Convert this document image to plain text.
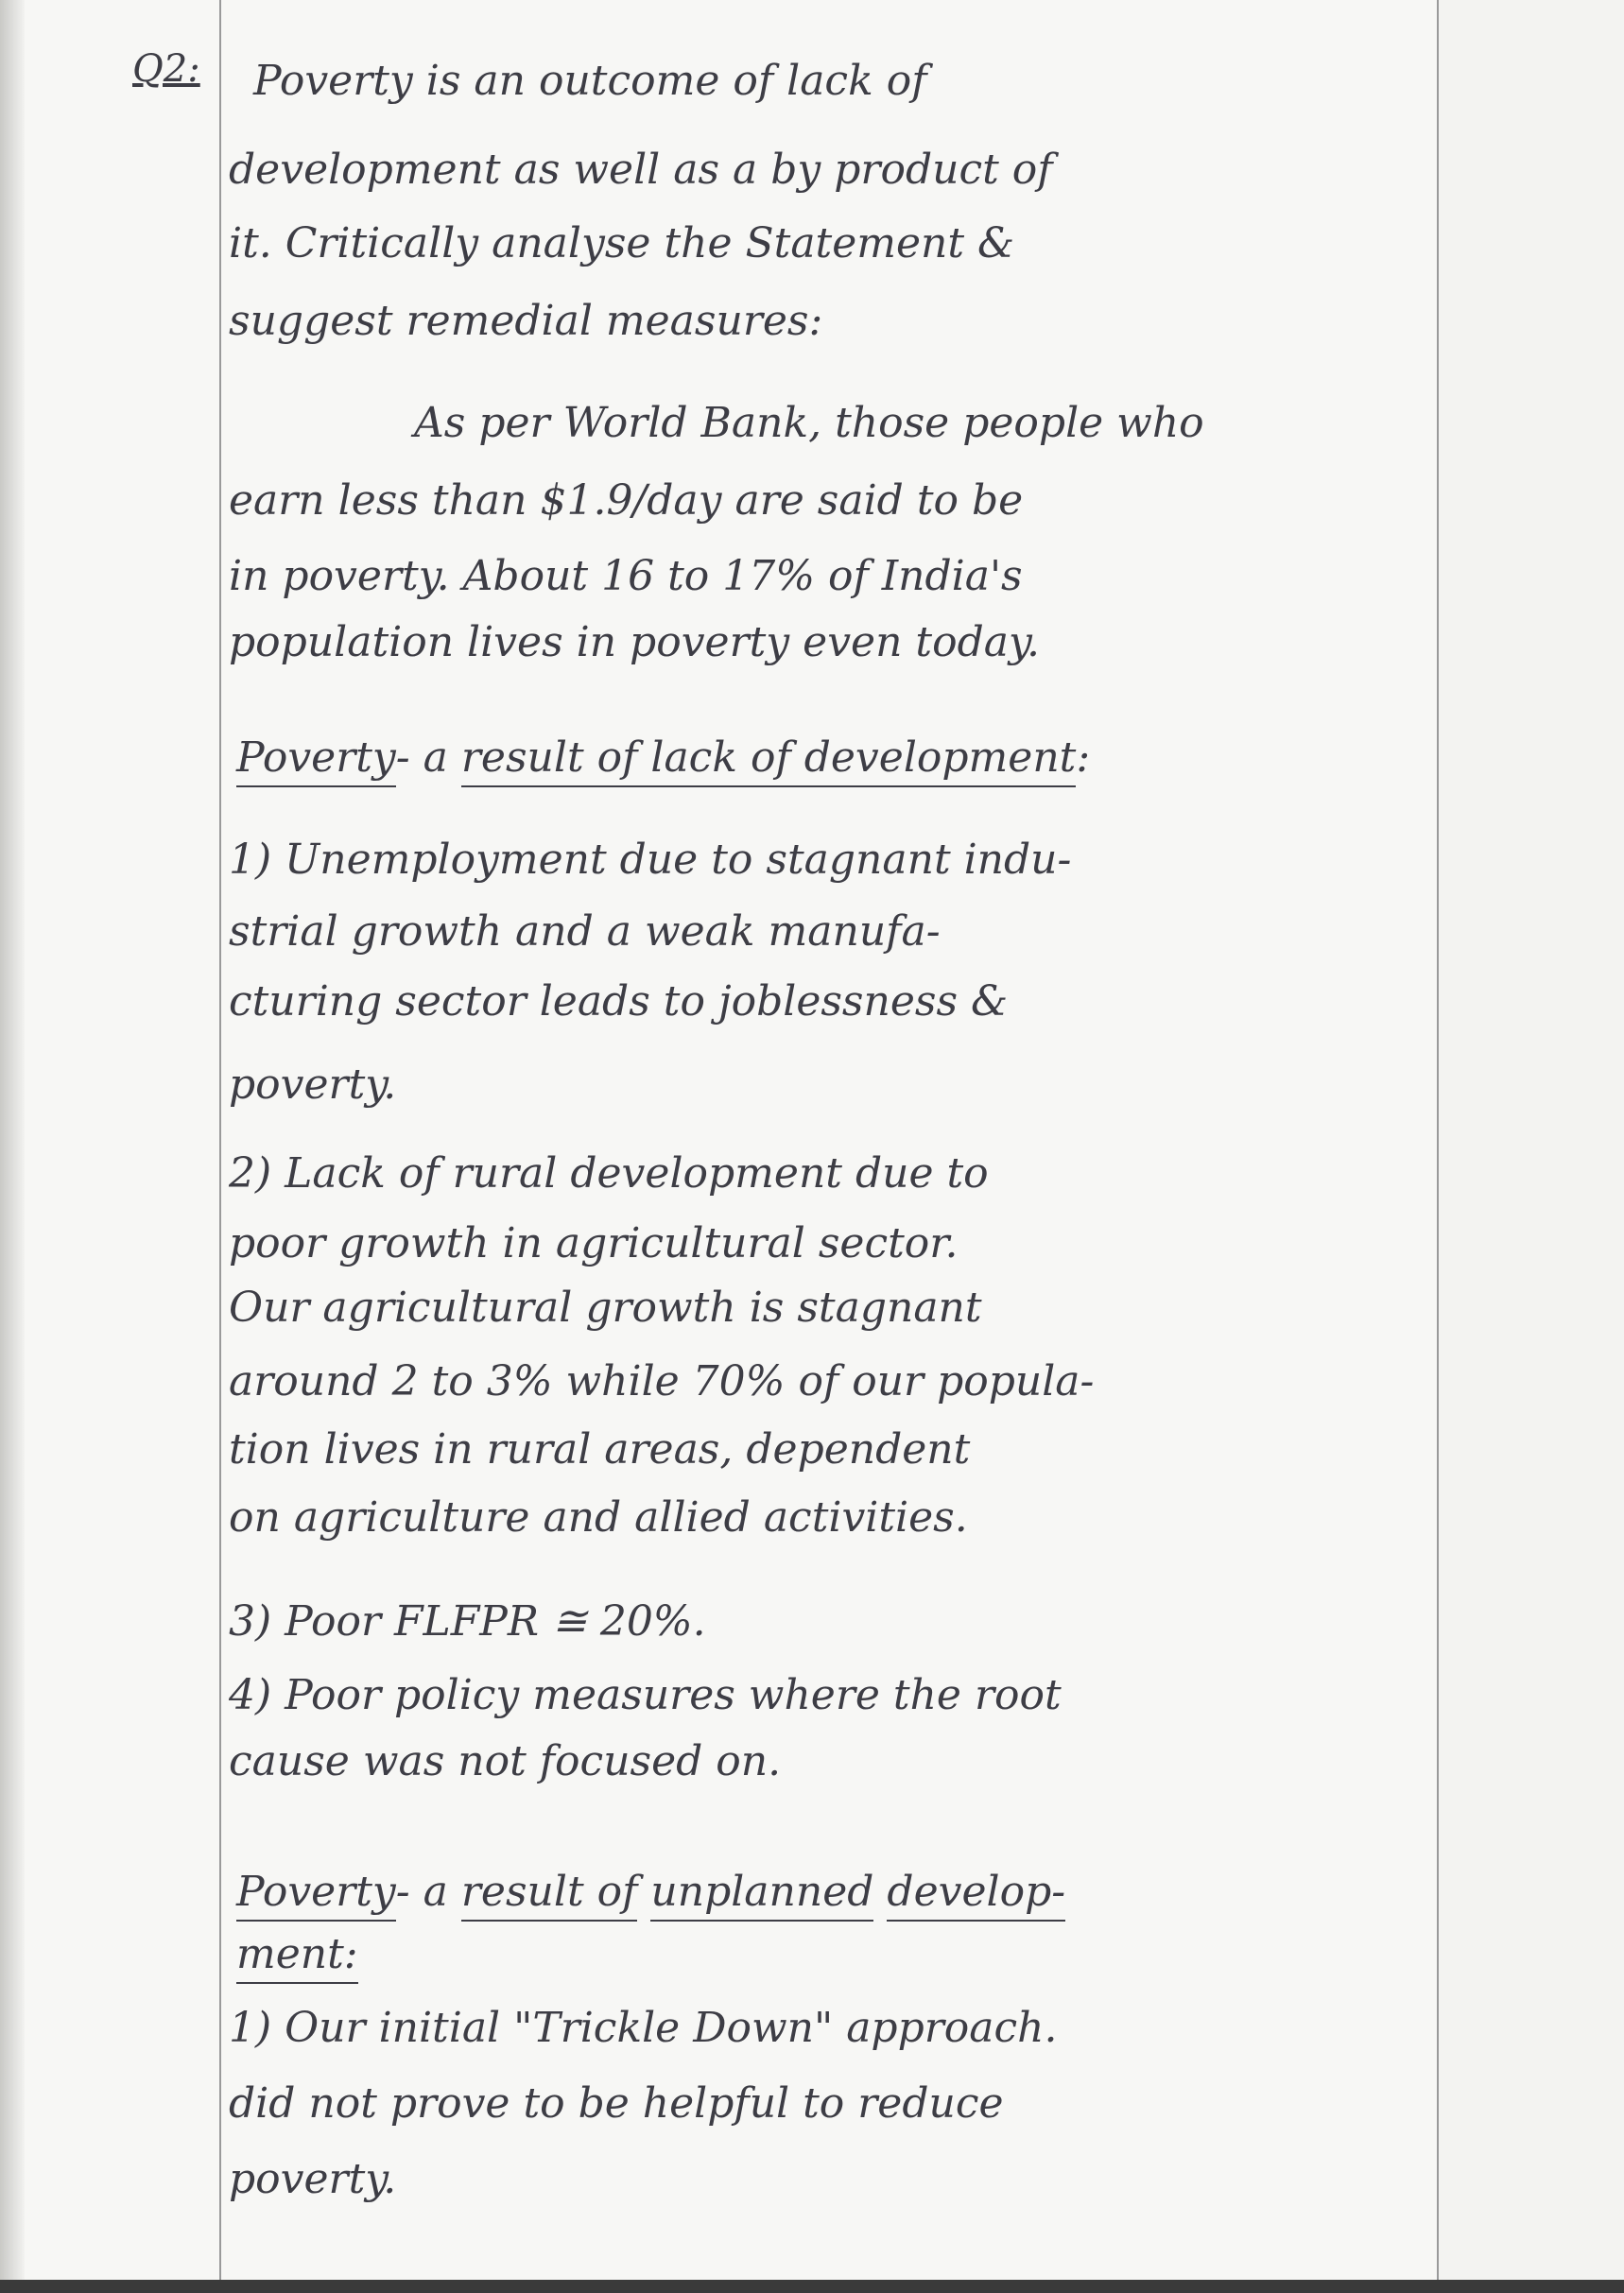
Q2: Poverty is an outcome of lack of
development as well as a by product of
it. Critically analyse the Statement &
suggest remedial measures:
As per World Bank, those people who
earn less than $1.9/day are said to be
in poverty. About 16 to 17% of India's
population lives in poverty even today.
Poverty- a result of lack of development:
1) Unemployment due to stagnant indu-
strial growth and a weak manufa-
cturing sector leads to joblessness &
poverty.
2) Lack of rural development due to
poor growth in agricultural sector.
Our agricultural growth is stagnant
around 2 to 3% while 70% of our popula-
tion lives in rural areas, dependent
on agriculture and allied activities.
3) Poor FLFPR ≅ 20%.
4) Poor policy measures where the root
cause was not focused on.
Poverty- a result of unplanned develop-
ment:
1) Our initial "Trickle Down" approach.
did not prove to be helpful to reduce
poverty.
